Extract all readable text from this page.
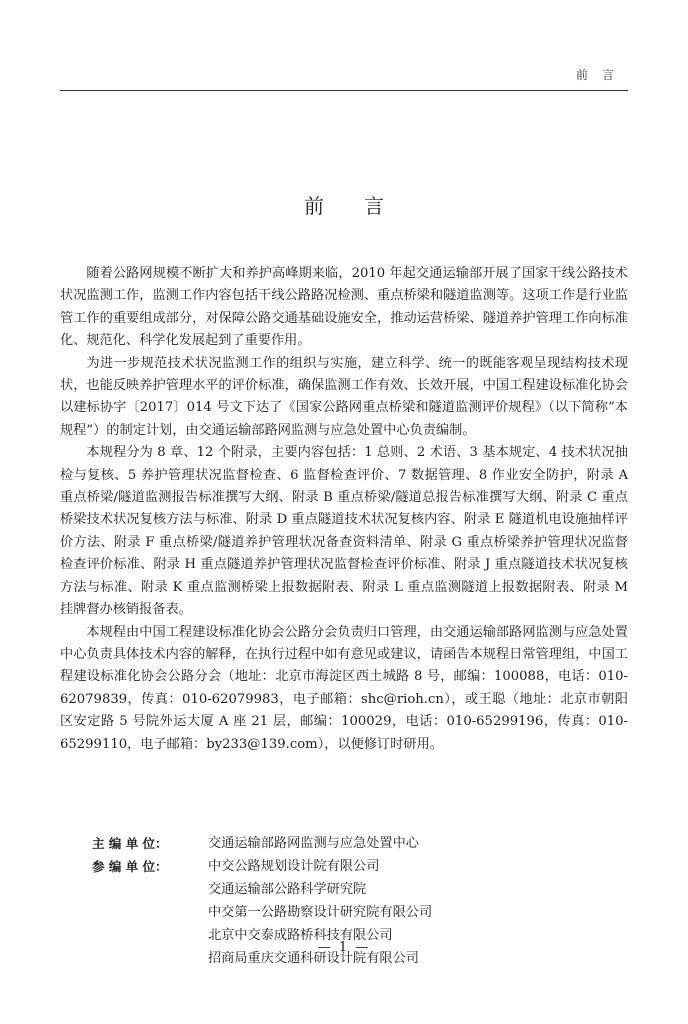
前言
前言

随着公路网规模不断扩大和养护高峰期来临，2010 年起交通运输部开展了国家干线公路技术状况监测工作，监测工作内容包括干线公路路况检测、重点桥梁和隧道监测等。这项工作是行业监管工作的重要组成部分，对保障公路交通基础设施安全，推动运营桥梁、隧道养护管理工作向标准化、规范化、科学化发展起到了重要作用。

为进一步规范技术状况监测工作的组织与实施，建立科学、统一的既能客观呈现结构技术现状，也能反映养护管理水平的评价标准，确保监测工作有效、长效开展，中国工程建设标准化协会以建标协字〔2017〕014 号文下达了《国家公路网重点桥梁和隧道监测评价规程》（以下简称“本规程”）的制定计划，由交通运输部路网监测与应急处置中心负责编制。

本规程分为 8 章、12 个附录，主要内容包括：1 总则、2 术语、3 基本规定、4 技术状况抽检与复核、5 养护管理状况监督检查、6 监督检查评价、7 数据管理、8 作业安全防护，附录 A 重点桥梁/隧道监测报告标准撰写大纲、附录 B 重点桥梁/隧道总报告标准撰写大纲、附录 C 重点桥梁技术状况复核方法与标准、附录 D 重点隧道技术状况复核内容、附录 E 隧道机电设施抽样评价方法、附录 F 重点桥梁/隧道养护管理状况备查资料清单、附录 G 重点桥梁养护管理状况监督检查评价标准、附录 H 重点隧道养护管理状况监督检查评价标准、附录 J 重点隧道技术状况复核方法与标准、附录 K 重点监测桥梁上报数据附表、附录 L 重点监测隧道上报数据附表、附录 M 挂牌督办核销报备表。

本规程由中国工程建设标准化协会公路分会负责归口管理，由交通运输部路网监测与应急处置中心负责具体技术内容的解释，在执行过程中如有意见或建议，请函告本规程日常管理组，中国工程建设标准化协会公路分会（地址：北京市海淀区西土城路 8 号，邮编：100088，电话：010-62079839，传真：010-62079983，电子邮箱：shc@rioh.cn），或王聪（地址：北京市朝阳区安定路 5 号院外运大厦 A 座 21 层，邮编：100029，电话：010-65299196，传真：010-65299110，电子邮箱：by233@139.com），以便修订时研用。

主 编 单 位：	交通运输部路网监测与应急处置中心
参 编 单 位：	中交公路规划设计院有限公司
交通运输部公路科学研究院
中交第一公路勘察设计研究院有限公司
北京中交泰成路桥科技有限公司
招商局重庆交通科研设计院有限公司
— 1 —
